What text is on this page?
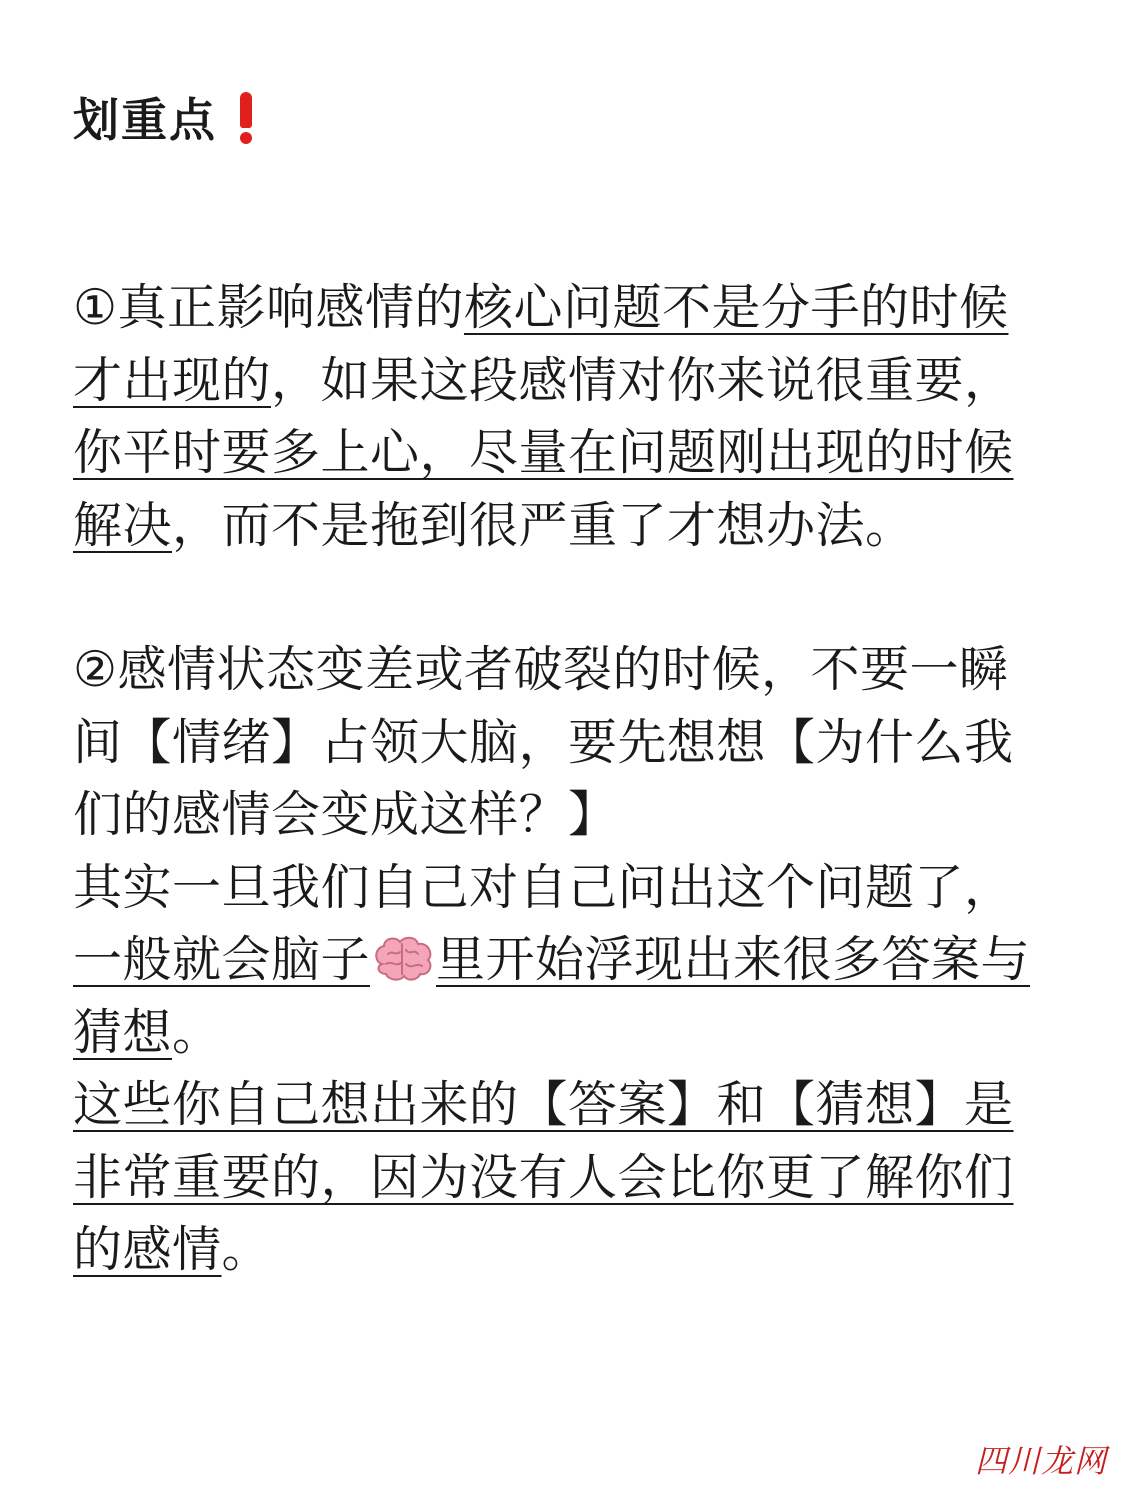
划重点
①真正影响感情的核心问题不是分手的时候才出现的，如果这段感情对你来说很重要，你平时要多上心，尽量在问题刚出现的时候解决，而不是拖到很严重了才想办法。
②感情状态变差或者破裂的时候，不要一瞬间【情绪】占领大脑，要先想想【为什么我们的感情会变成这样？】
其实一旦我们自己对自己问出这个问题了，一般就会脑子 里开始浮现出来很多答案与猜想。
这些你自己想出来的【答案】和【猜想】是非常重要的，因为没有人会比你更了解你们的感情。
四川龙网
